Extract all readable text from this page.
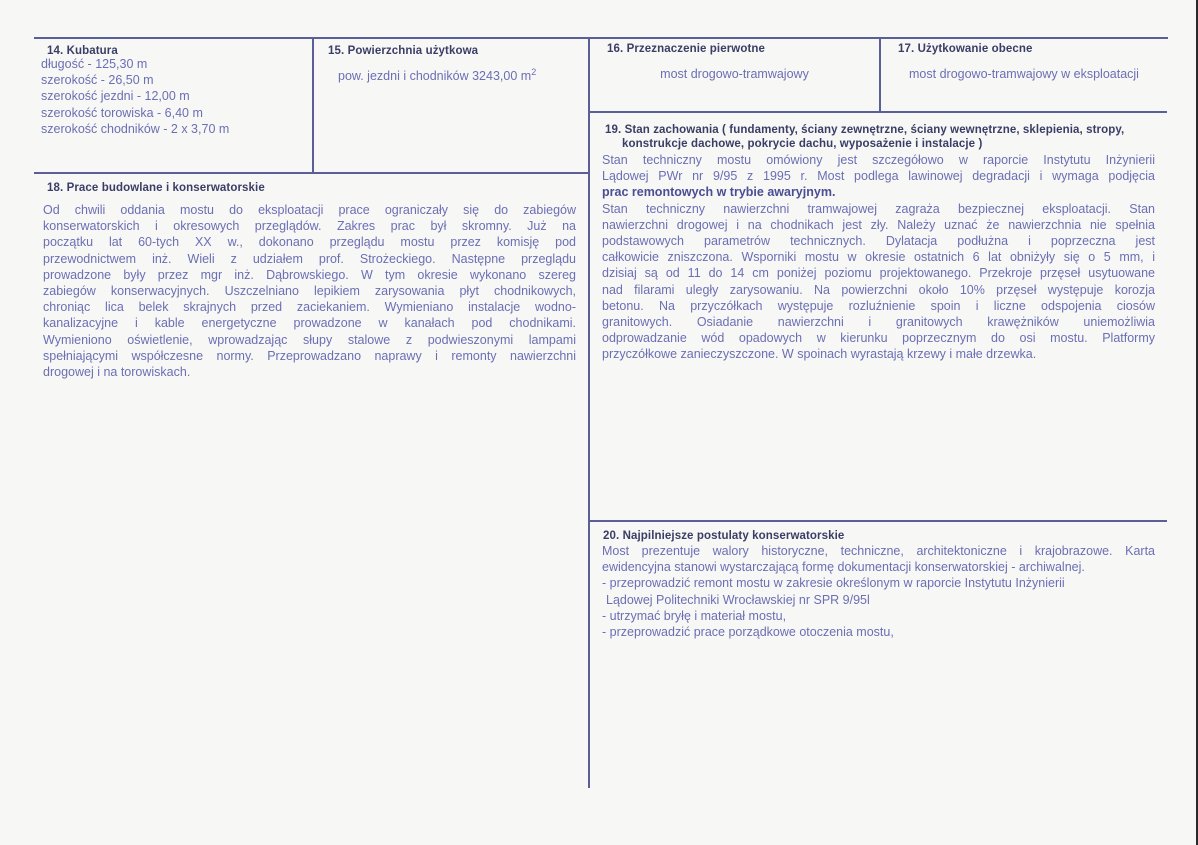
14. Kubatura
długość - 125,30 m
szerokość - 26,50 m
szerokość jezdni - 12,00 m
szerokość torowiska - 6,40 m
szerokość chodników - 2 x 3,70 m
15. Powierzchnia użytkowa
pow. jezdni i chodników 3243,00 $m^2$
16. Przeznaczenie pierwotne
most drogowo-tramwajowy
17. Użytkowanie obecne
most drogowo-tramwajowy w eksploatacji
18. Prace budowlane i konserwatorskie
Od chwili oddania mostu do eksploatacji prace ograniczały się do zabiegów
konserwatorskich i okresowych przeglądów. Zakres prac był skromny. Już na
początku lat 60-tych XX w., dokonano przeglądu mostu przez komisję pod
przewodnictwem inż. Wieli z udziałem prof. Strożeckiego. Następne przeglądu
prowadzone były przez mgr inż. Dąbrowskiego. W tym okresie wykonano szereg
zabiegów konserwacyjnych. Uszczelniano lepikiem zarysowania płyt chodnikowych,
chroniąc lica belek skrajnych przed zaciekaniem. Wymieniano instalacje wodno-
kanalizacyjne i kable energetyczne prowadzone w kanałach pod chodnikami.
Wymieniono oświetlenie, wprowadzając słupy stalowe z podwieszonymi lampami
spełniającymi współczesne normy. Przeprowadzano naprawy i remonty nawierzchni
drogowej i na torowiskach.
19. Stan zachowania ( fundamenty, ściany zewnętrzne, ściany wewnętrzne, sklepienia, stropy,
konstrukcje dachowe, pokrycie dachu, wyposażenie i instalacje )
Stan techniczny mostu omówiony jest szczegółowo w raporcie Instytutu Inżynierii
Lądowej PWr nr 9/95 z 1995 r. Most podlega lawinowej degradacji i wymaga podjęcia
prac remontowych w trybie awaryjnym.
Stan techniczny nawierzchni tramwajowej zagraża bezpiecznej eksploatacji. Stan
nawierzchni drogowej i na chodnikach jest zły. Należy uznać że nawierzchnia nie spełnia
podstawowych parametrów technicznych. Dylatacja podłużna i poprzeczna jest
całkowicie zniszczona. Wsporniki mostu w okresie ostatnich 6 lat obniżyły się o 5 mm, i
dzisiaj są od 11 do 14 cm poniżej poziomu projektowanego. Przekroje przęseł usytuowane
nad filarami uległy zarysowaniu. Na powierzchni około 10% przęseł występuje korozja
betonu. Na przyczółkach występuje rozluźnienie spoin i liczne odspojenia ciosów
granitowych. Osiadanie nawierzchni i granitowych krawężników uniemożliwia
odprowadzanie wód opadowych w kierunku poprzecznym do osi mostu. Platformy
przyczółkowe zanieczyszczone. W spoinach wyrastają krzewy i małe drzewka.
20. Najpilniejsze postulaty konserwatorskie
Most prezentuje walory historyczne, techniczne, architektoniczne i krajobrazowe. Karta
ewidencyjna stanowi wystarczającą formę dokumentacji konserwatorskiej - archiwalnej.
- przeprowadzić remont mostu w zakresie określonym w raporcie Instytutu Inżynierii
Lądowej Politechniki Wrocławskiej nr SPR 9/95l
- utrzymać bryłę i materiał mostu,
- przeprowadzić prace porządkowe otoczenia mostu,
